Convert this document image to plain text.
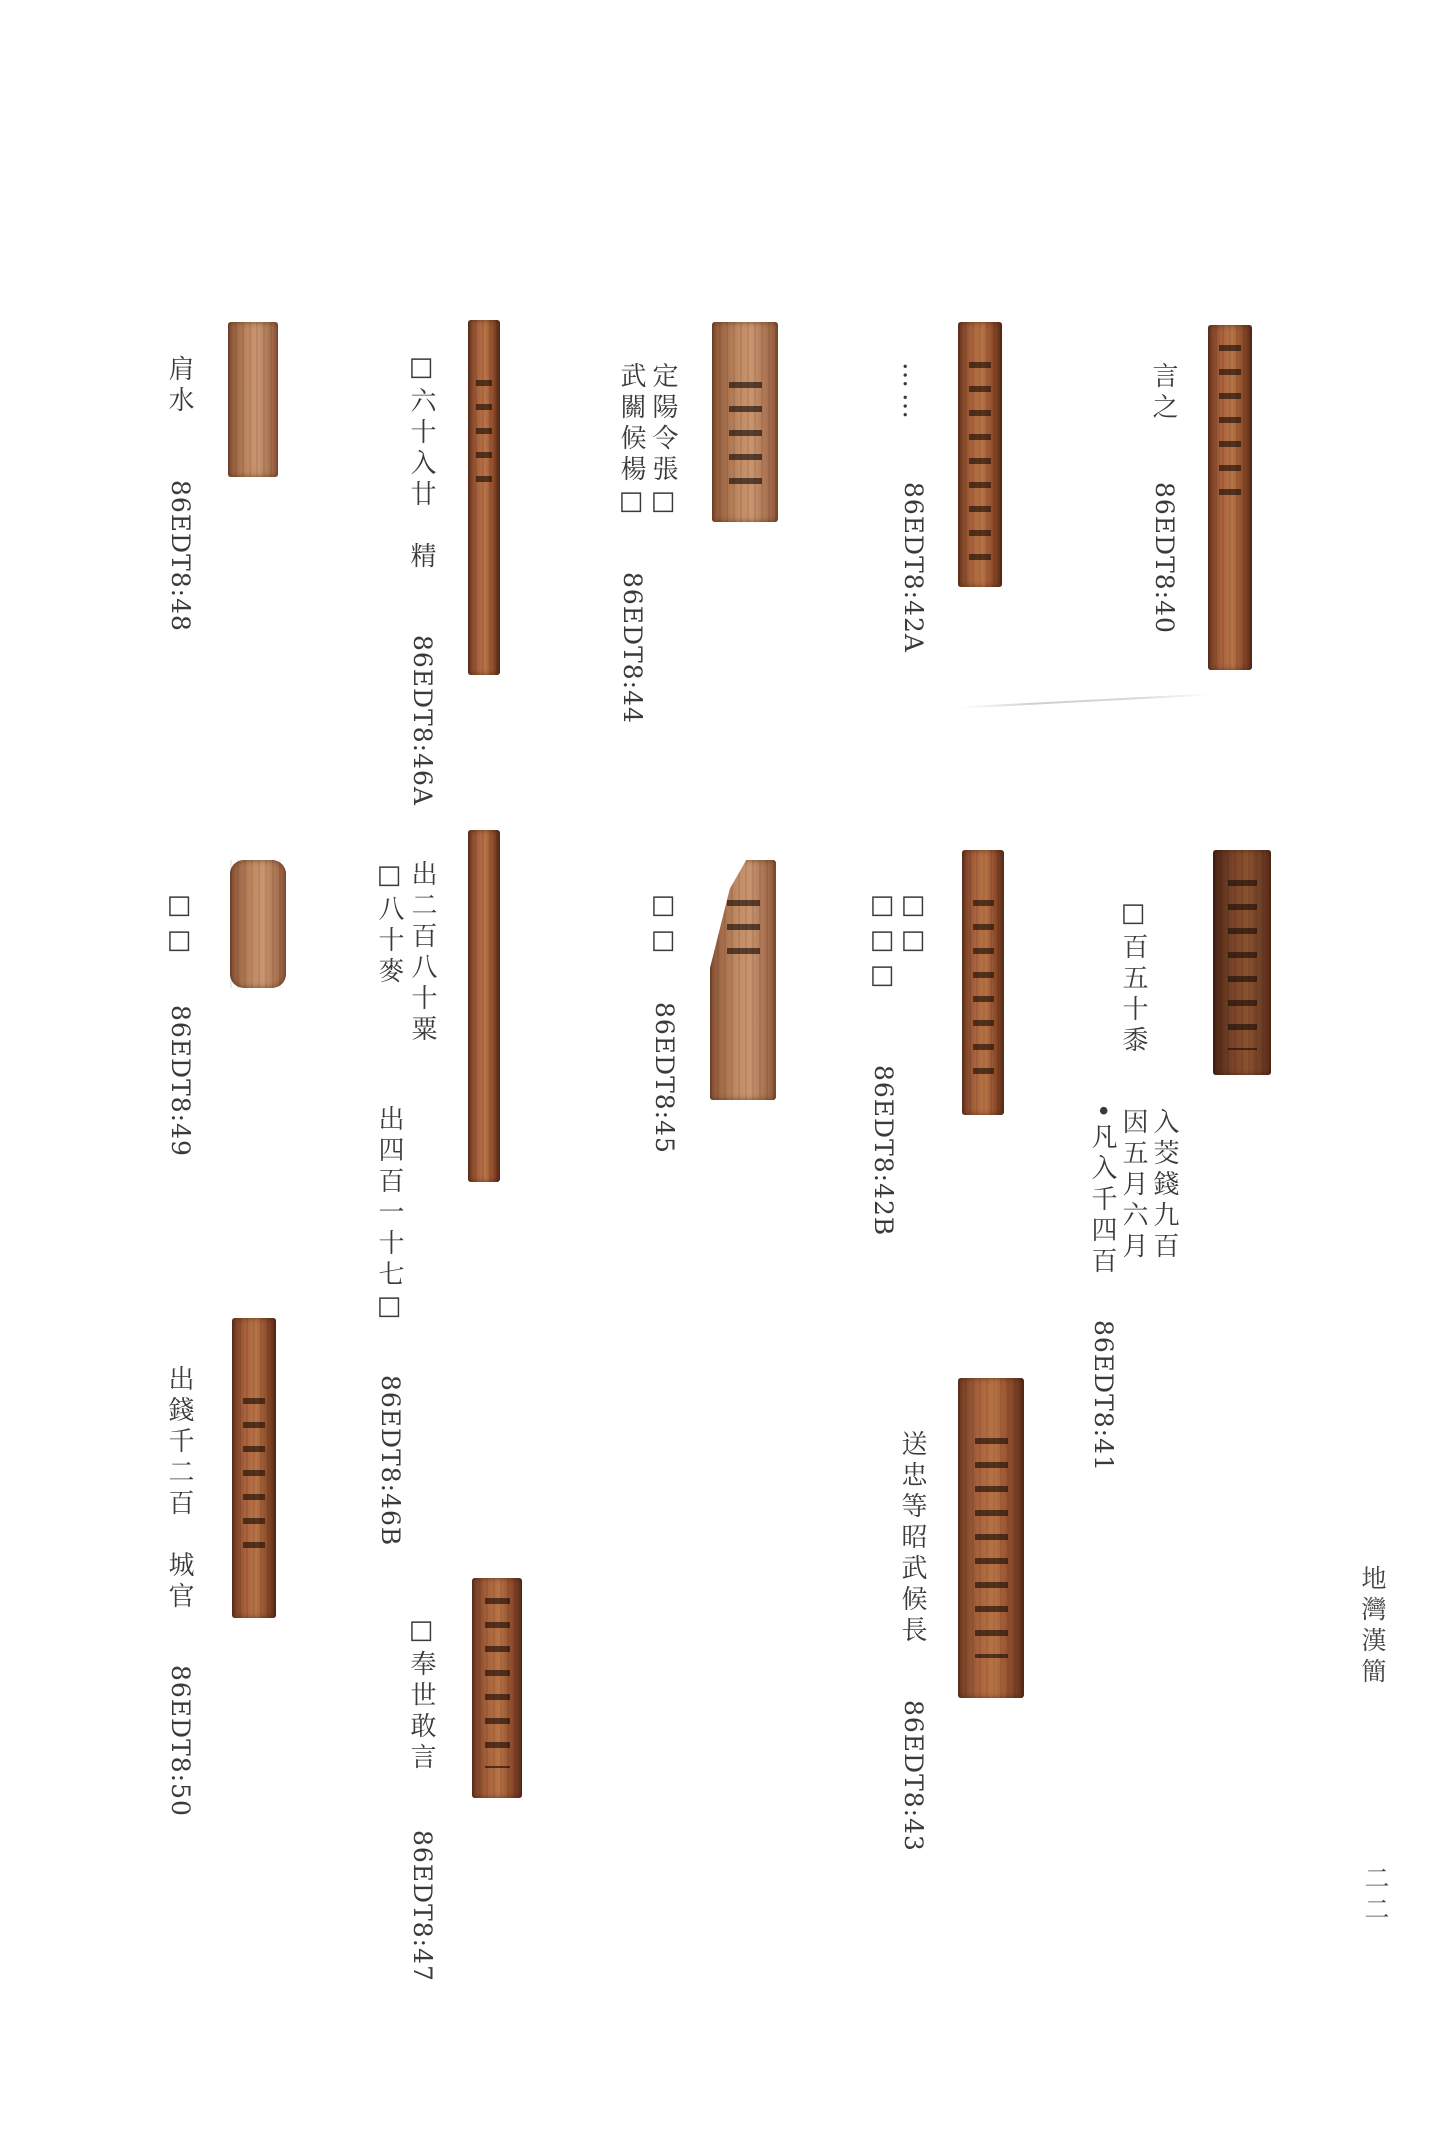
言之
86EDT8:40
□百五十黍
入茭錢九百
因五月六月
•凡入千四百
86EDT8:41
……
86EDT8:42A
□□
□□□
86EDT8:42B
送忠等昭武候長
86EDT8:43
定陽令張□
武關候楊□
86EDT8:44
□□
86EDT8:45
□六十入廿　精
86EDT8:46A
出二百八十粟
□八十麥
出四百一十七□
86EDT8:46B
□奉世敢言
86EDT8:47
肩水
86EDT8:48
□□
86EDT8:49
出錢千二百　城官
86EDT8:50
地灣漢簡
二二
